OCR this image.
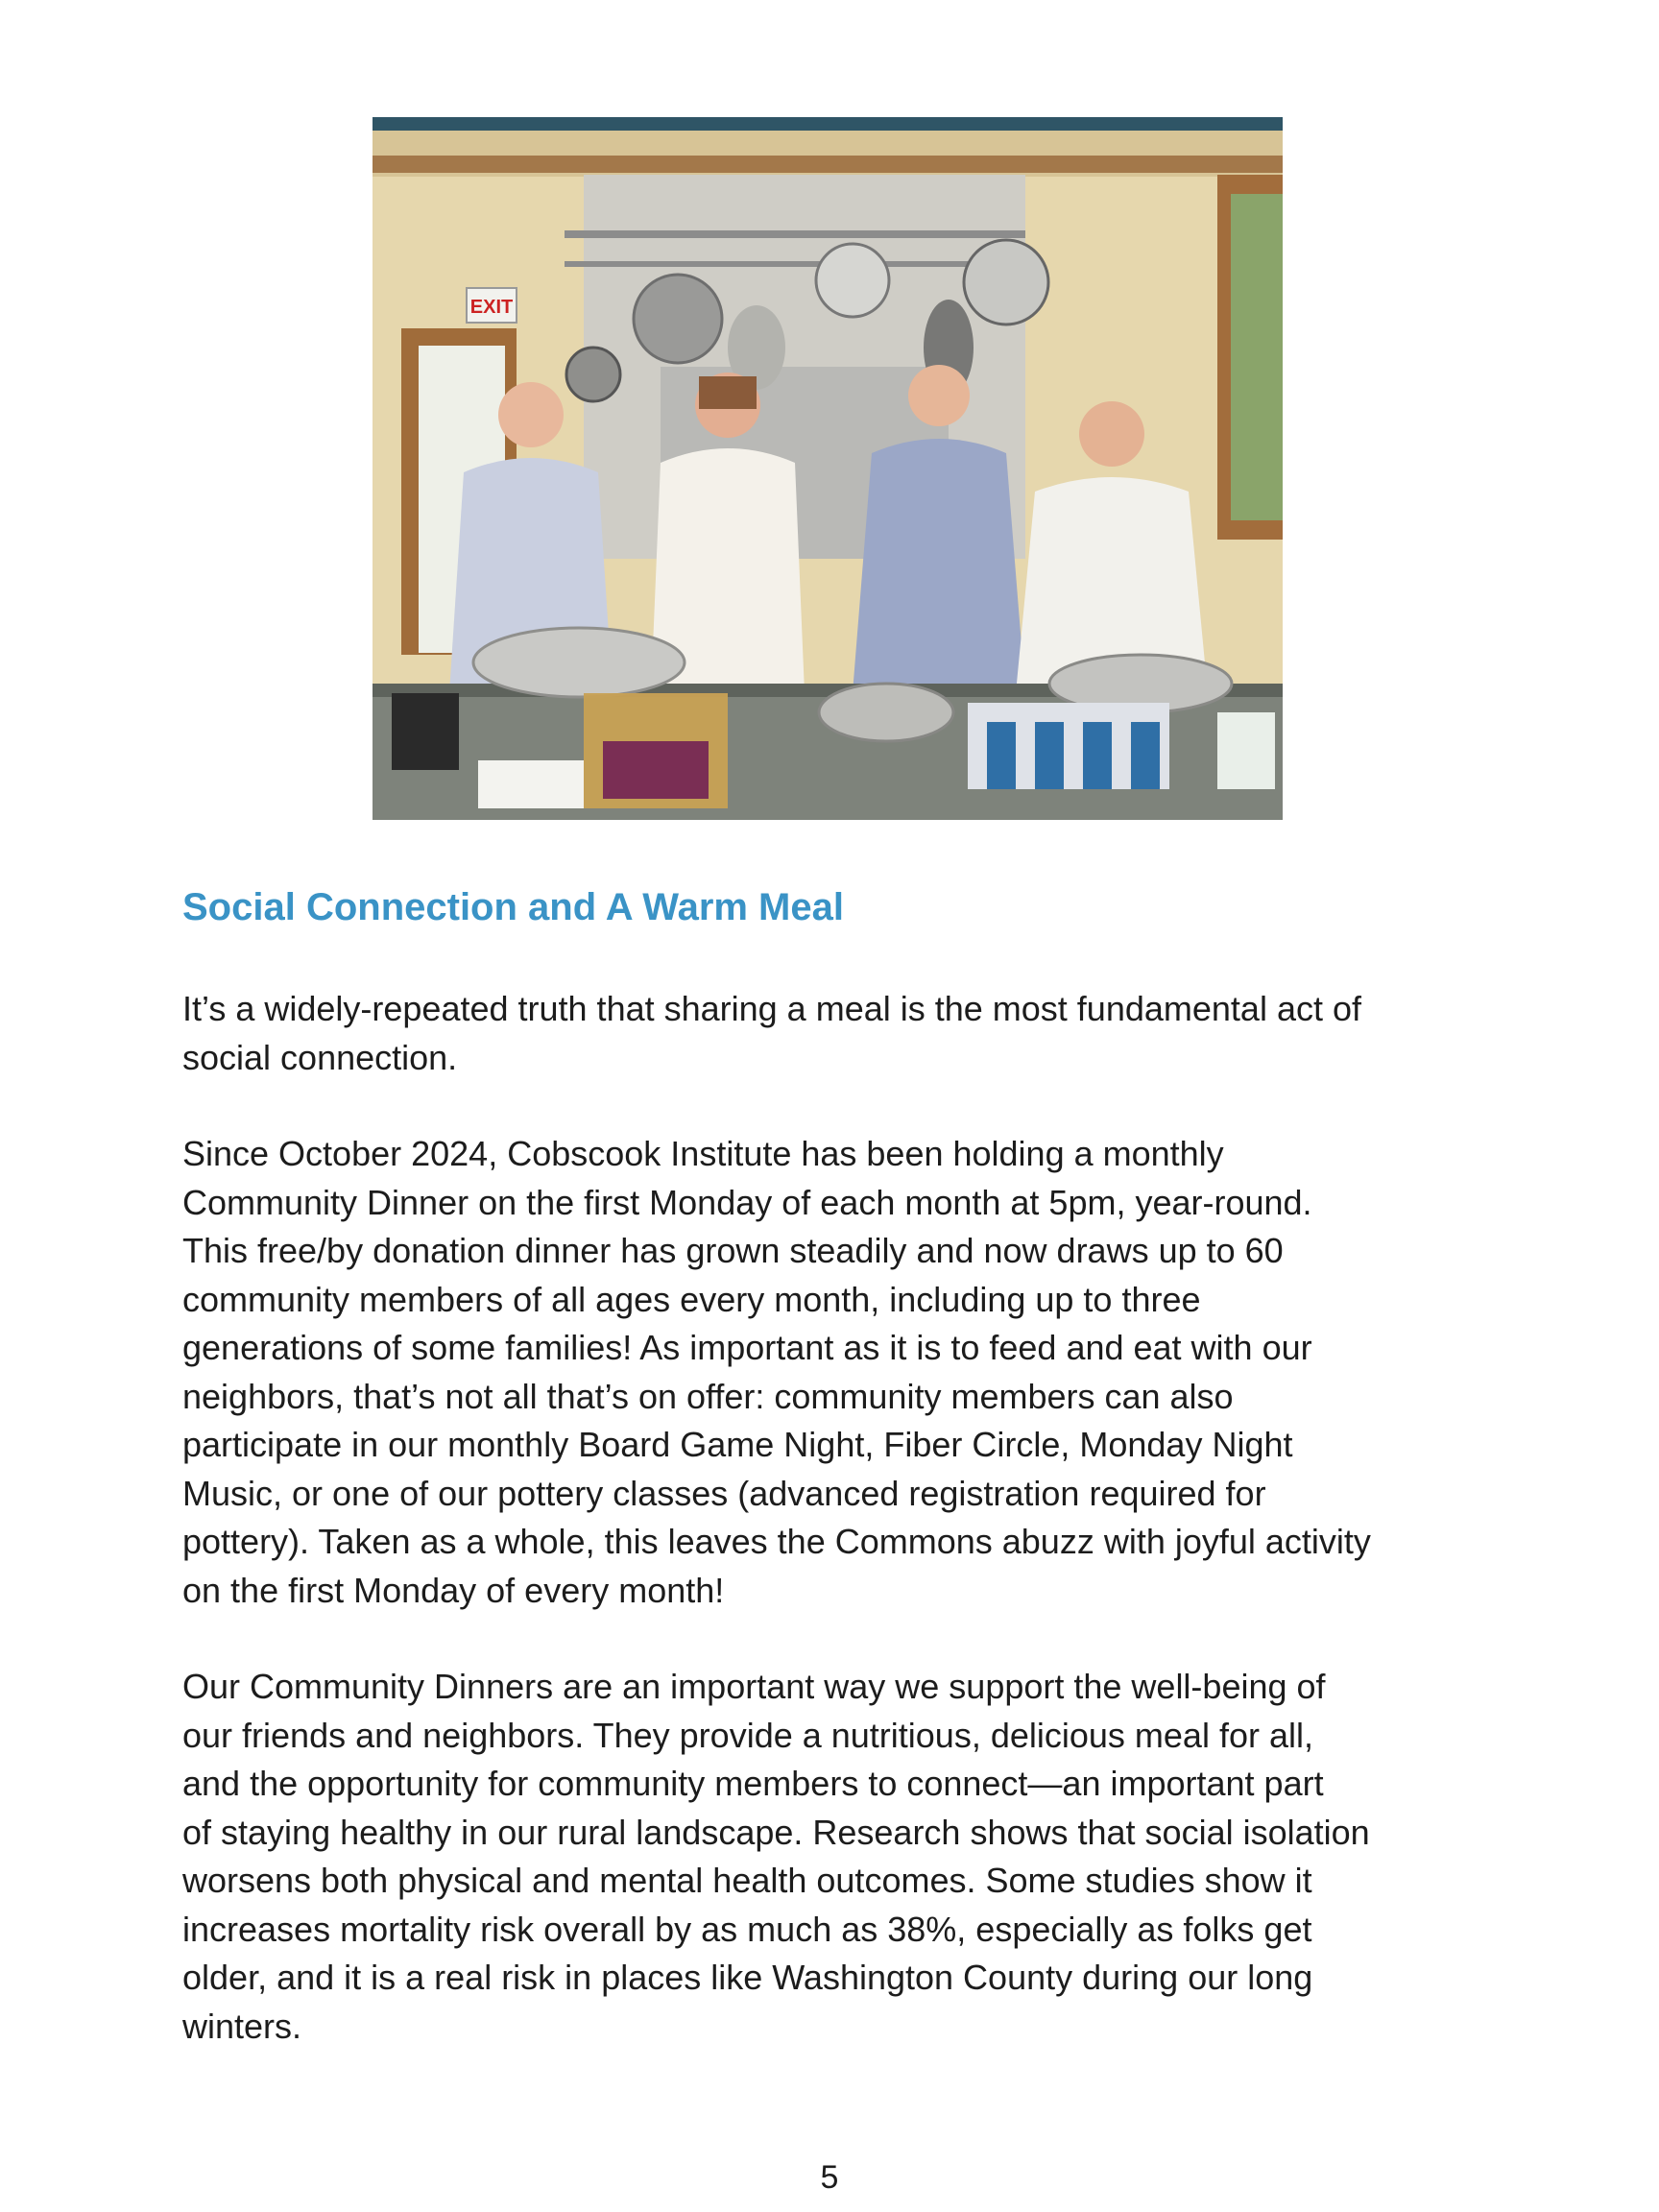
EXIT
Social Connection and A Warm Meal

It’s a widely-repeated truth that sharing a meal is the most fundamental act of
social connection.

Since October 2024, Cobscook Institute has been holding a monthly
Community Dinner on the first Monday of each month at 5pm, year-round.
This free/by donation dinner has grown steadily and now draws up to 60
community members of all ages every month, including up to three
generations of some families! As important as it is to feed and eat with our
neighbors, that’s not all that’s on offer: community members can also
participate in our monthly Board Game Night, Fiber Circle, Monday Night
Music, or one of our pottery classes (advanced registration required for
pottery). Taken as a whole, this leaves the Commons abuzz with joyful activity
on the first Monday of every month!

Our Community Dinners are an important way we support the well-being of
our friends and neighbors. They provide a nutritious, delicious meal for all,
and the opportunity for community members to connect—an important part
of staying healthy in our rural landscape. Research shows that social isolation
worsens both physical and mental health outcomes. Some studies show it
increases mortality risk overall by as much as 38%, especially as folks get
older, and it is a real risk in places like Washington County during our long
winters.

5
